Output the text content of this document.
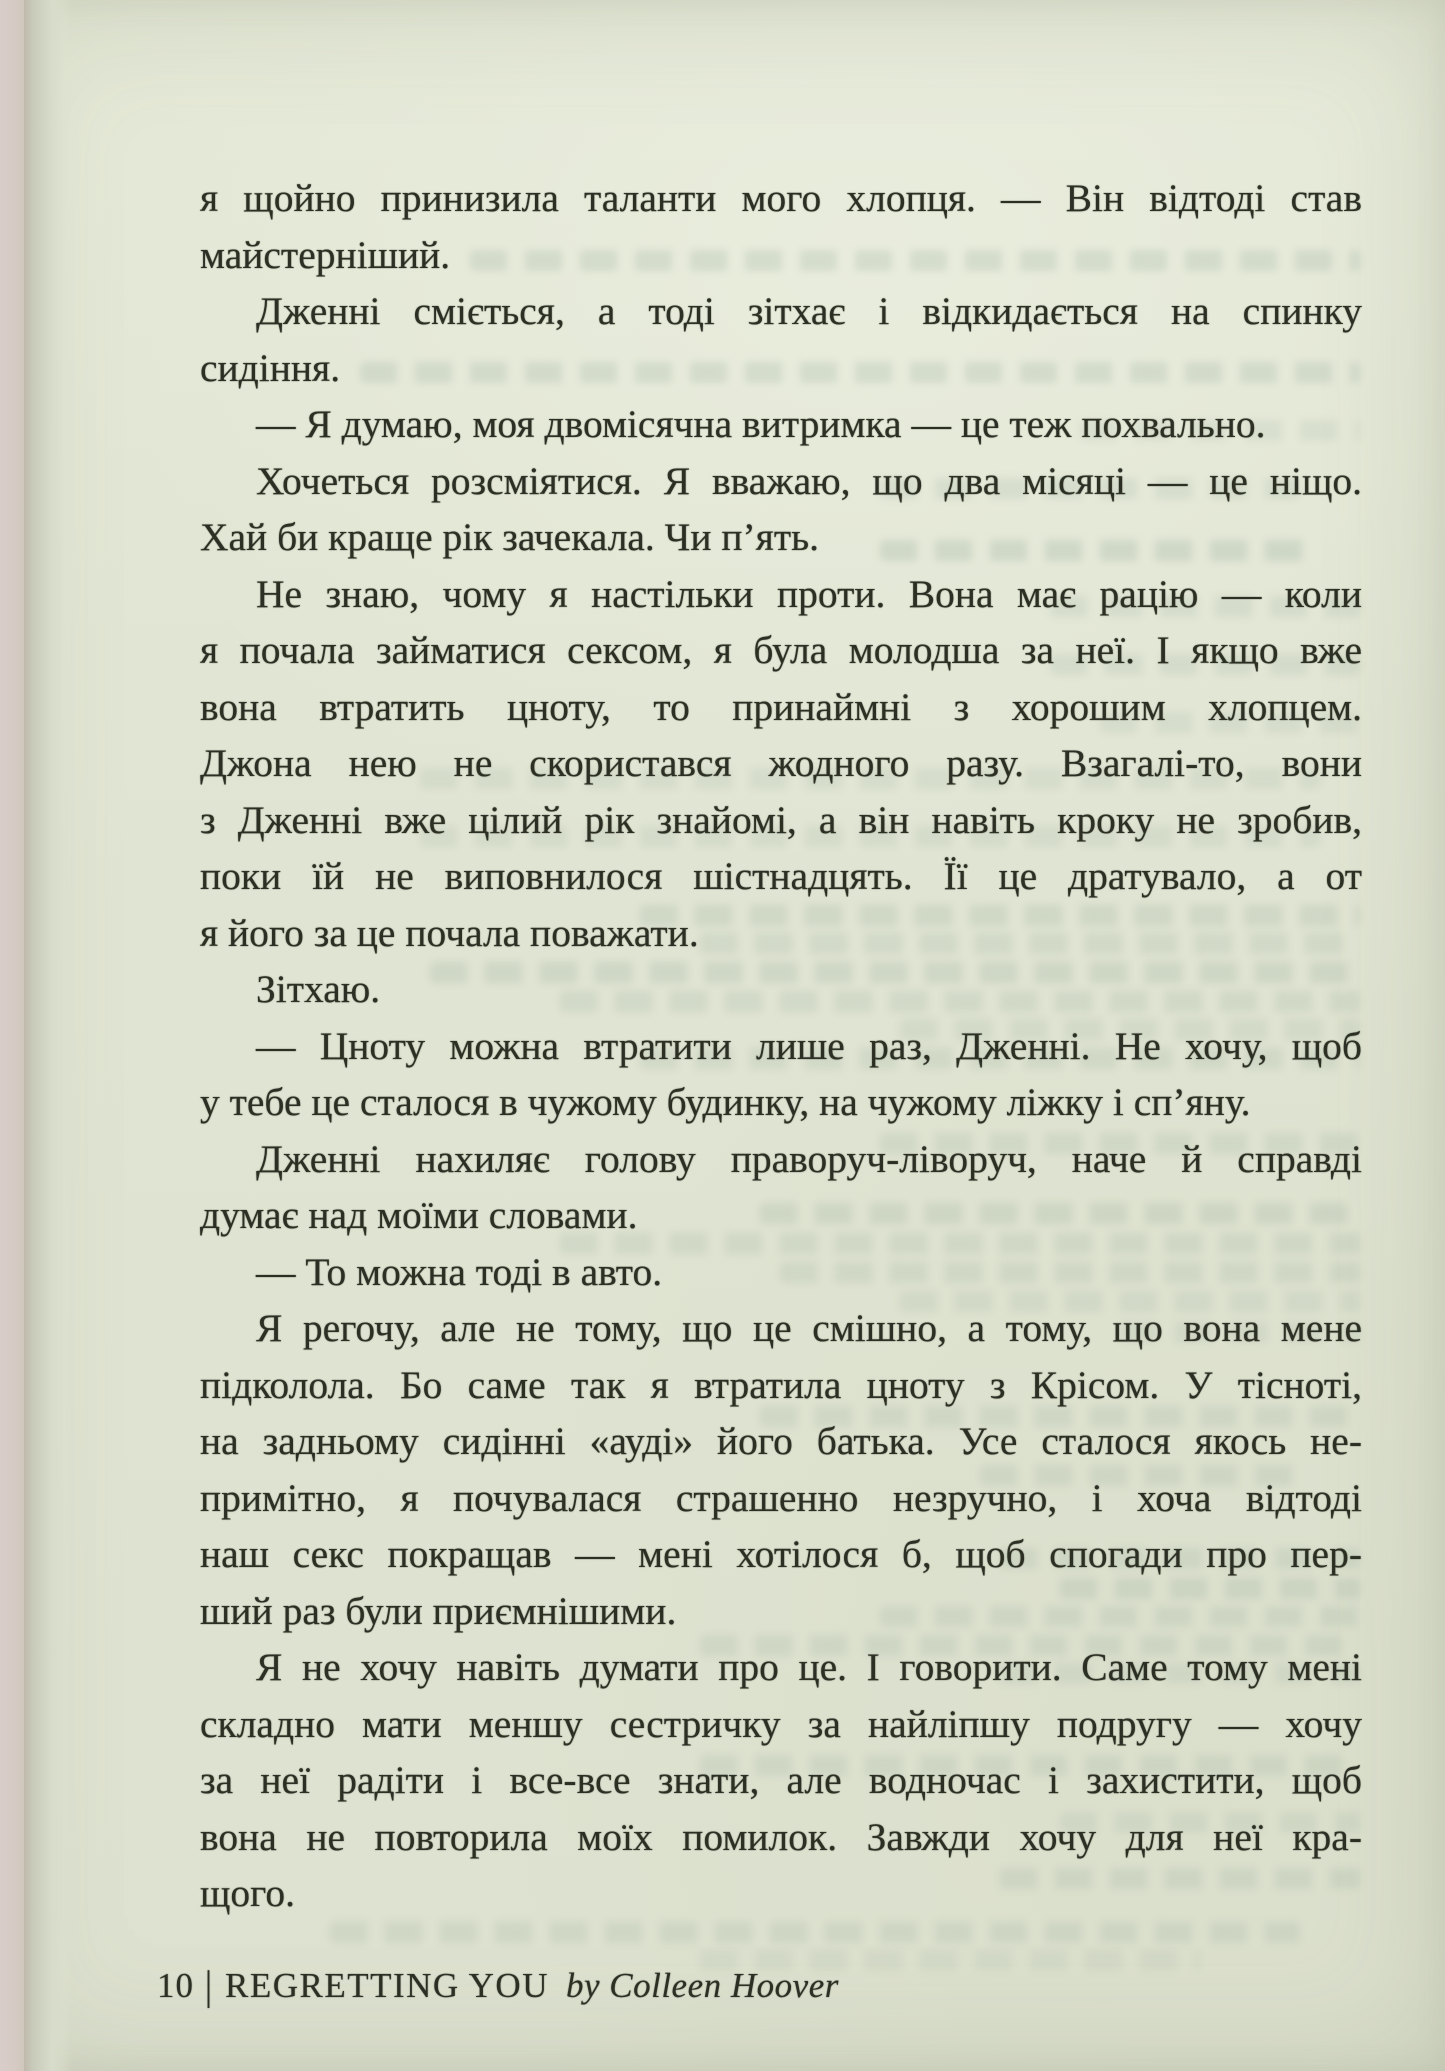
я щойно принизила таланти мого хлопця. — Він відтоді став
майстерніший.
Дженні сміється, а тоді зітхає і відкидається на спинку
сидіння.
— Я думаю, моя двомісячна витримка — це теж похвально.
Хочеться розсміятися. Я вважаю, що два місяці — це ніщо.
Хай би краще рік зачекала. Чи п’ять.
Не знаю, чому я настільки проти. Вона має рацію — коли
я почала займатися сексом, я була молодша за неї. І якщо вже
вона втратить цноту, то принаймні з хорошим хлопцем.
Джона нею не скористався жодного разу. Взагалі-то, вони
з Дженні вже цілий рік знайомі, а він навіть кроку не зробив,
поки їй не виповнилося шістнадцять. Її це дратувало, а от
я його за це почала поважати.
Зітхаю.
— Цноту можна втратити лише раз, Дженні. Не хочу, щоб
у тебе це сталося в чужому будинку, на чужому ліжку і сп’яну.
Дженні нахиляє голову праворуч-ліворуч, наче й справді
думає над моїми словами.
— То можна тоді в авто.
Я регочу, але не тому, що це смішно, а тому, що вона мене
підколола. Бо саме так я втратила цноту з Крісом. У тісноті,
на задньому сидінні «ауді» його батька. Усе сталося якось не-
примітно, я почувалася страшенно незручно, і хоча відтоді
наш секс покращав — мені хотілося б, щоб спогади про пер-
ший раз були приємнішими.
Я не хочу навіть думати про це. І говорити. Саме тому мені
складно мати меншу сестричку за найліпшу подругу — хочу
за неї радіти і все-все знати, але водночас і захистити, щоб
вона не повторила моїх помилок. Завжди хочу для неї кра-
щого.
10 | REGRETTING YOU by Colleen Hoover
